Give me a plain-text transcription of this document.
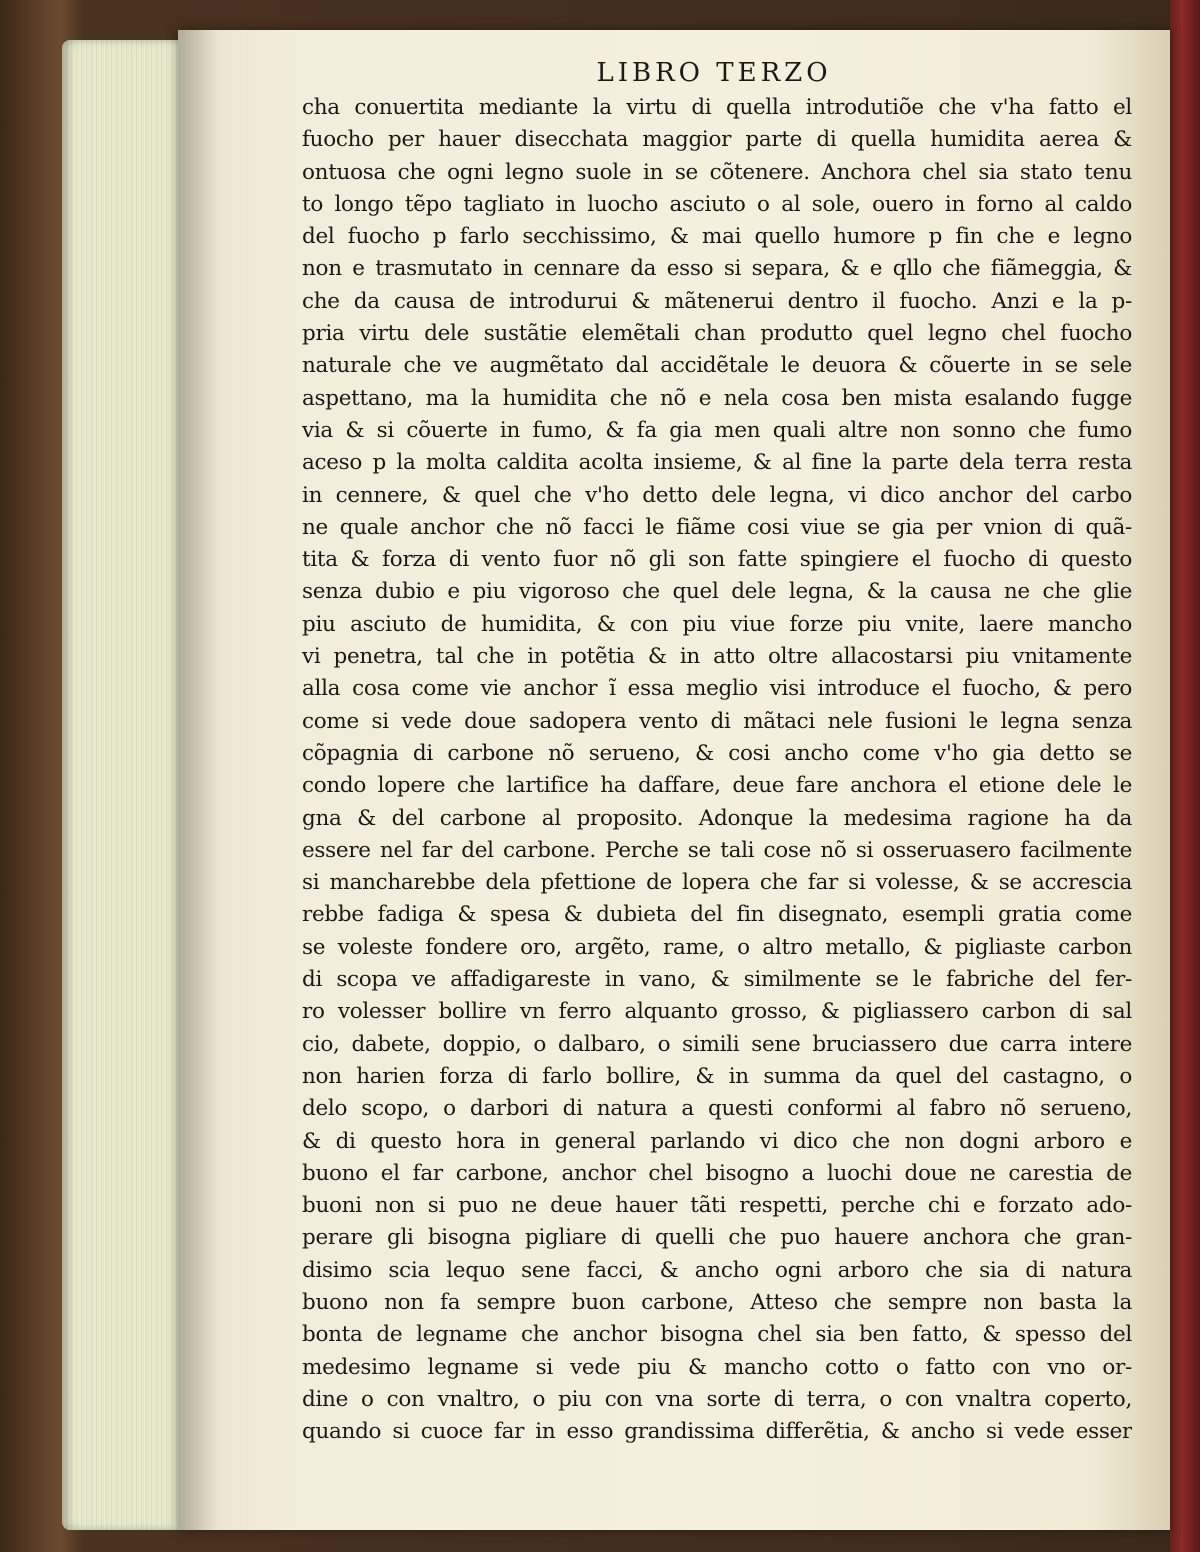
LIBRO TERZO
cha conuertita mediante la virtu di quella introdutiõe che v'ha fatto el
fuocho per hauer disecchata maggior parte di quella humidita aerea &
ontuosa che ogni legno suole in se cõtenere. Anchora chel sia stato tenu
to longo tẽpo tagliato in luocho asciuto o al sole, ouero in forno al caldo
del fuocho p farlo secchissimo, & mai quello humore p fin che e legno
non e trasmutato in cennare da esso si separa, & e qllo che fiãmeggia, &
che da causa de introdurui & mãtenerui dentro il fuocho. Anzi e la p-
pria virtu dele sustãtie elemẽtali chan produtto quel legno chel fuocho
naturale che ve augmẽtato dal accidẽtale le deuora & cõuerte in se sele
aspettano, ma la humidita che nõ e nela cosa ben mista esalando fugge
via & si cõuerte in fumo, & fa gia men quali altre non sonno che fumo
aceso p la molta caldita acolta insieme, & al fine la parte dela terra resta
in cennere, & quel che v'ho detto dele legna, vi dico anchor del carbo
ne quale anchor che nõ facci le fiãme cosi viue se gia per vnion di quã-
tita & forza di vento fuor nõ gli son fatte spingiere el fuocho di questo
senza dubio e piu vigoroso che quel dele legna, & la causa ne che glie
piu asciuto de humidita, & con piu viue forze piu vnite, laere mancho
vi penetra, tal che in potẽtia & in atto oltre allacostarsi piu vnitamente
alla cosa come vie anchor ĩ essa meglio visi introduce el fuocho, & pero
come si vede doue sadopera vento di mãtaci nele fusioni le legna senza
cõpagnia di carbone nõ serueno, & cosi ancho come v'ho gia detto se
condo lopere che lartifice ha daffare, deue fare anchora el etione dele le
gna & del carbone al proposito. Adonque la medesima ragione ha da
essere nel far del carbone. Perche se tali cose nõ si osseruasero facilmente
si mancharebbe dela pfettione de lopera che far si volesse, & se accrescia
rebbe fadiga & spesa & dubieta del fin disegnato, esempli gratia come
se voleste fondere oro, argẽto, rame, o altro metallo, & pigliaste carbon
di scopa ve affadigareste in vano, & similmente se le fabriche del fer-
ro volesser bollire vn ferro alquanto grosso, & pigliassero carbon di sal
cio, dabete, doppio, o dalbaro, o simili sene bruciassero due carra intere
non harien forza di farlo bollire, & in summa da quel del castagno, o
delo scopo, o darbori di natura a questi conformi al fabro nõ serueno,
& di questo hora in general parlando vi dico che non dogni arboro e
buono el far carbone, anchor chel bisogno a luochi doue ne carestia de
buoni non si puo ne deue hauer tãti respetti, perche chi e forzato ado-
perare gli bisogna pigliare di quelli che puo hauere anchora che gran-
disimo scia lequo sene facci, & ancho ogni arboro che sia di natura
buono non fa sempre buon carbone, Atteso che sempre non basta la
bonta de legname che anchor bisogna chel sia ben fatto, & spesso del
medesimo legname si vede piu & mancho cotto o fatto con vno or-
dine o con vnaltro, o piu con vna sorte di terra, o con vnaltra coperto,
quando si cuoce far in esso grandissima differẽtia, & ancho si vede esser
